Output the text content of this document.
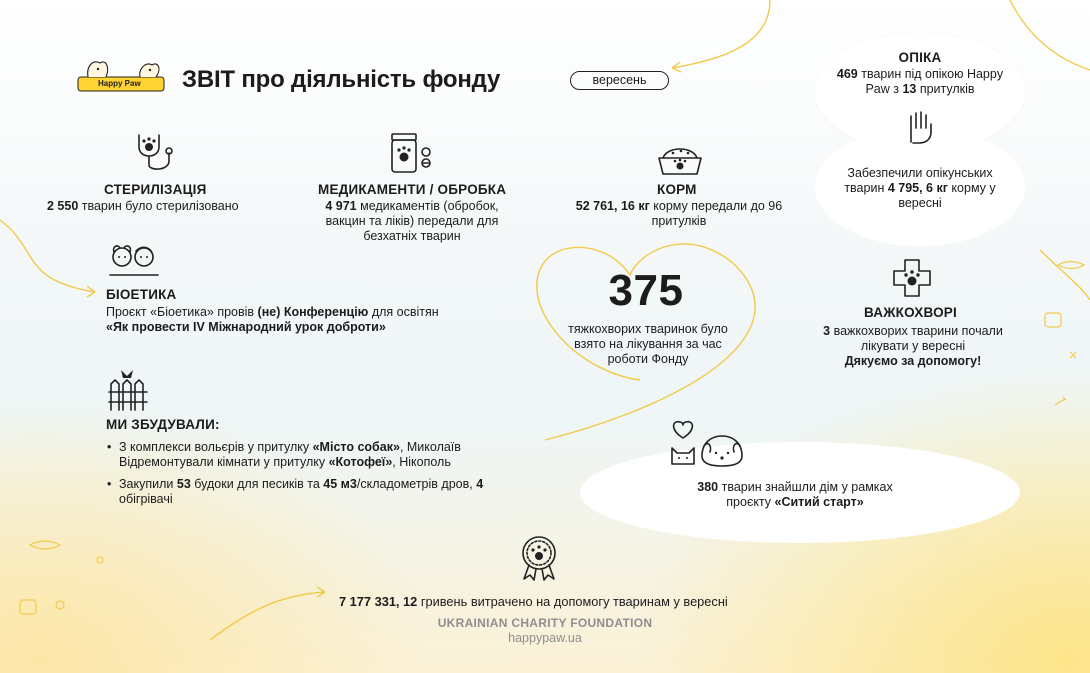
Happy Paw ЗВІТ про діяльність фонду	вересень
ОПІКА
469 тварин під опікою Happy Paw з 13 притулків
Забезпечили опікунських тварин 4 795, 6 кг корму у вересні
СТЕРИЛІЗАЦІЯ
2 550 тварин було стерилізовано
МЕДИКАМЕНТИ / ОБРОБКА
4 971 медикаментів (обробок, вакцин та ліків) передали для безхатніх тварин
КОРМ
52 761, 16 кг корму передали до 96 притулків
БІОЕТИКА
Проєкт «Біоетика» провів (не) Конференцію для освітян
«Як провести IV Міжнародний урок доброти»
375
тяжкохворих тваринок було взято на лікування за час роботи Фонду
ВАЖКОХВОРІ
3 важкохворих тварини почали лікувати у вересні
Дякуємо за допомогу!
МИ ЗБУДУВАЛИ:
• З комплекси вольєрів у притулку «Місто собак», Миколаїв
Відремонтували кімнати у притулку «Котофеї», Нікополь
• Закупили 53 будоки для песиків та 45 м3/складометрів дров, 4 обігрівачі
380 тварин знайшли дім у рамках проєкту «Ситий старт»
7 177 331, 12 гривень витрачено на допомогу тваринам у вересні
UKRAINIAN CHARITY FOUNDATION
happypaw.ua
